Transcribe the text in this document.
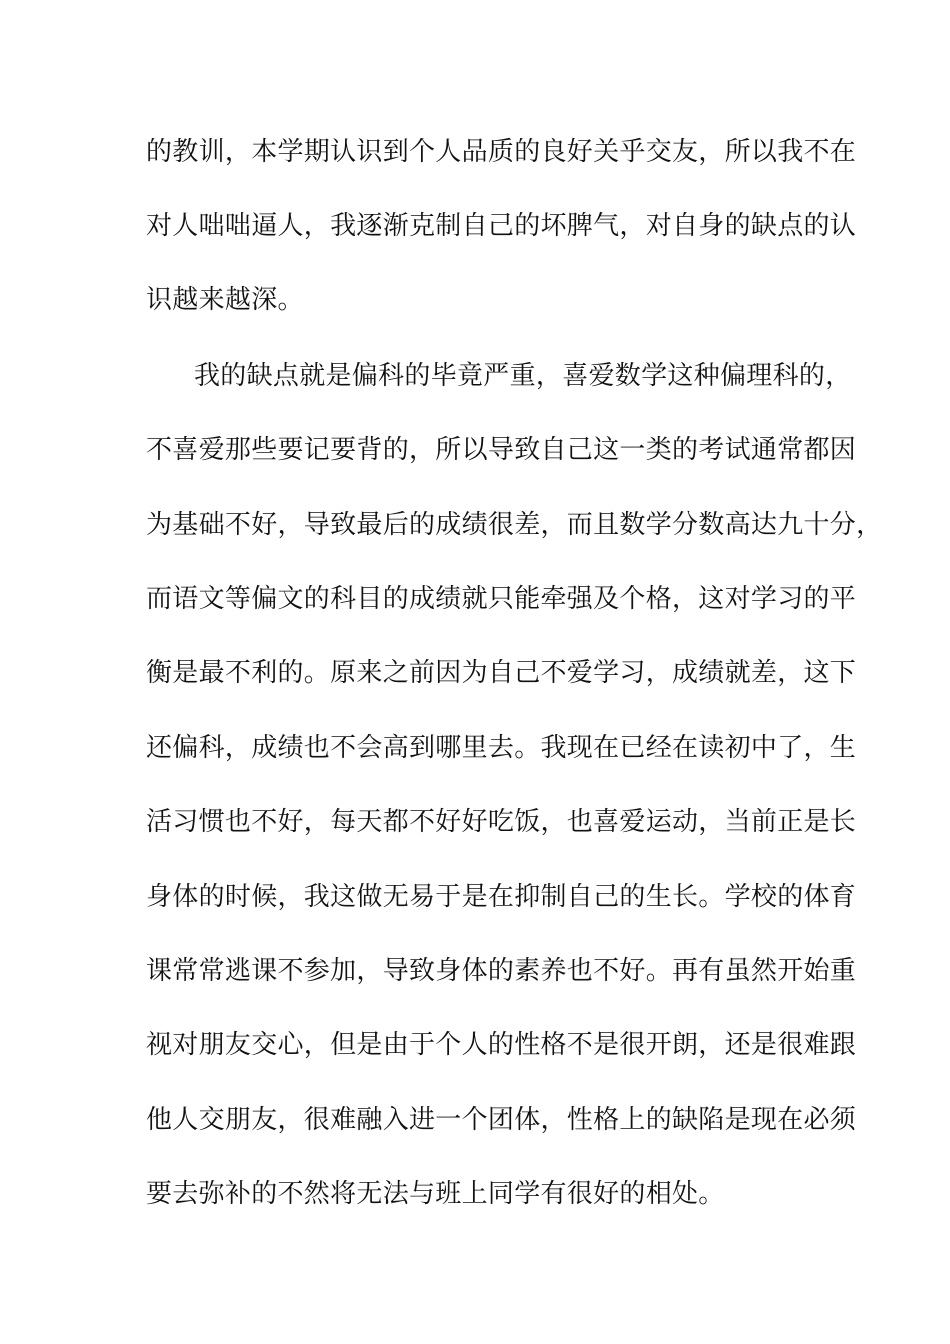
的教训，本学期认识到个人品质的良好关乎交友，所以我不在
对人咄咄逼人，我逐渐克制自己的坏脾气，对自身的缺点的认
识越来越深。
我的缺点就是偏科的毕竟严重，喜爱数学这种偏理科的，
不喜爱那些要记要背的，所以导致自己这一类的考试通常都因
为基础不好，导致最后的成绩很差，而且数学分数高达九十分，
而语文等偏文的科目的成绩就只能牵强及个格，这对学习的平
衡是最不利的。原来之前因为自己不爱学习，成绩就差，这下
还偏科，成绩也不会高到哪里去。我现在已经在读初中了，生
活习惯也不好，每天都不好好吃饭，也喜爱运动，当前正是长
身体的时候，我这做无易于是在抑制自己的生长。学校的体育
课常常逃课不参加，导致身体的素养也不好。再有虽然开始重
视对朋友交心，但是由于个人的性格不是很开朗，还是很难跟
他人交朋友，很难融入进一个团体，性格上的缺陷是现在必须
要去弥补的不然将无法与班上同学有很好的相处。
